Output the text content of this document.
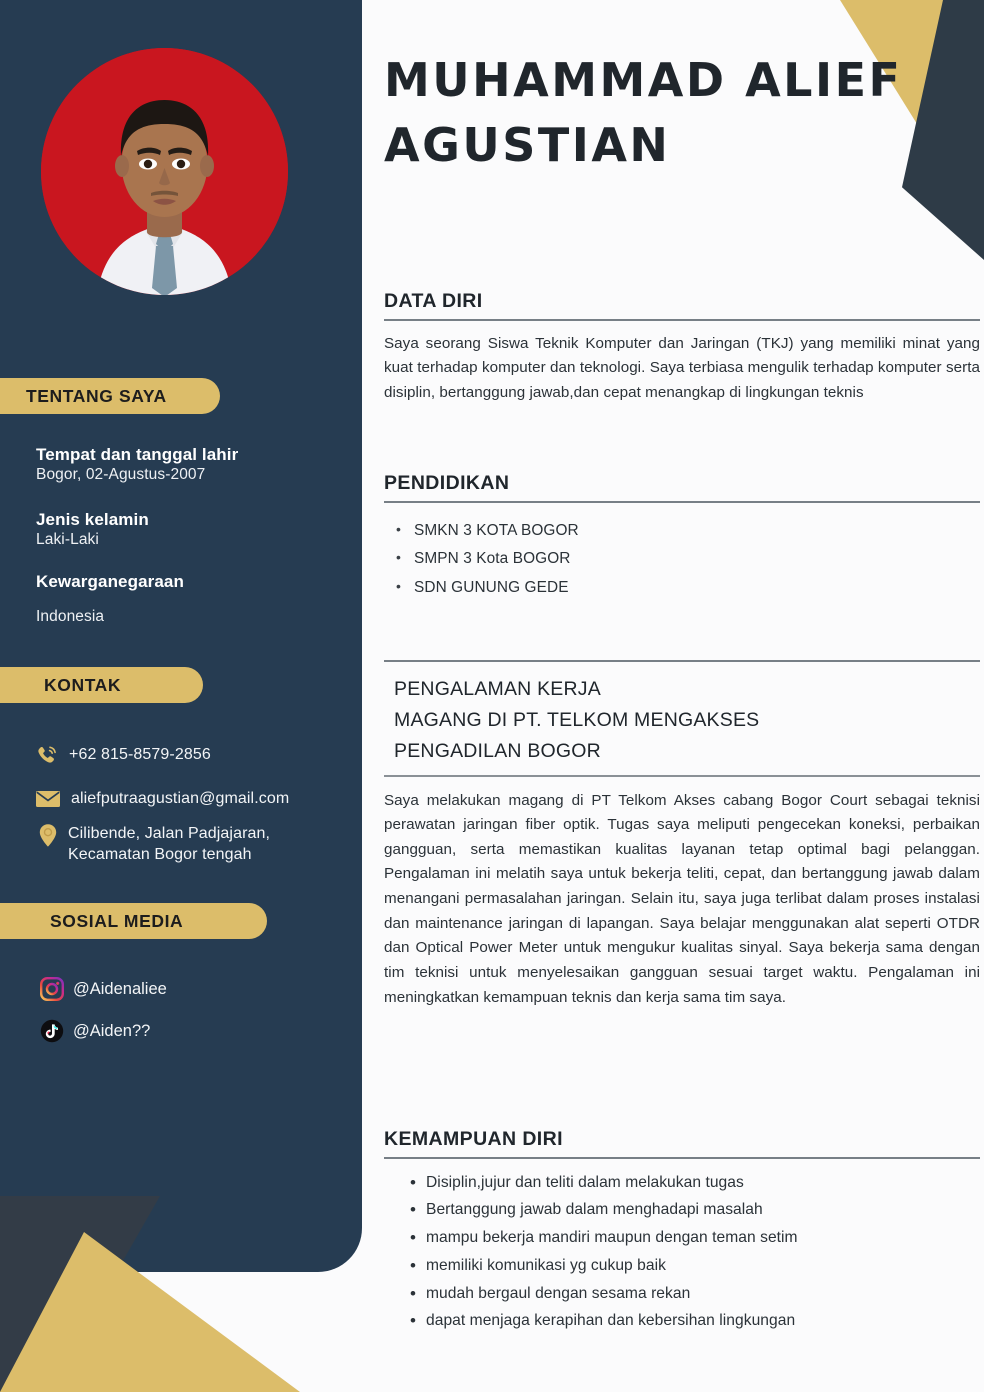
TENTANG SAYA
Tempat dan tanggal lahir
Bogor, 02-Agustus-2007
Jenis kelamin
Laki-Laki
Kewarganegaraan
Indonesia
KONTAK
+62 815-8579-2856
aliefputraagustian@gmail.com
Cilibende, Jalan Padjajaran, Kecamatan Bogor tengah
SOSIAL MEDIA
@Aidenaliee
@Aiden??
MUHAMMAD ALIEF
AGUSTIAN
DATA DIRI
Saya seorang Siswa Teknik Komputer dan Jaringan (TKJ) yang memiliki minat yang kuat terhadap komputer dan teknologi. Saya terbiasa mengulik terhadap komputer serta disiplin, bertanggung jawab,dan cepat menangkap di lingkungan teknis
PENDIDIKAN
• SMKN 3 KOTA BOGOR
• SMPN 3 Kota BOGOR
• SDN GUNUNG GEDE
PENGALAMAN KERJA
MAGANG DI PT. TELKOM MENGAKSES
PENGADILAN BOGOR
Saya melakukan magang di PT Telkom Akses cabang Bogor Court sebagai teknisi perawatan jaringan fiber optik. Tugas saya meliputi pengecekan koneksi, perbaikan gangguan, serta memastikan kualitas layanan tetap optimal bagi pelanggan. Pengalaman ini melatih saya untuk bekerja teliti, cepat, dan bertanggung jawab dalam menangani permasalahan jaringan. Selain itu, saya juga terlibat dalam proses instalasi dan maintenance jaringan di lapangan. Saya belajar menggunakan alat seperti OTDR dan Optical Power Meter untuk mengukur kualitas sinyal. Saya bekerja sama dengan tim teknisi untuk menyelesaikan gangguan sesuai target waktu. Pengalaman ini meningkatkan kemampuan teknis dan kerja sama tim saya.
KEMAMPUAN DIRI
• Disiplin,jujur dan teliti dalam melakukan tugas
• Bertanggung jawab dalam menghadapi masalah
• mampu bekerja mandiri maupun dengan teman setim
• memiliki komunikasi yg cukup baik
• mudah bergaul dengan sesama rekan
• dapat menjaga kerapihan dan kebersihan lingkungan
